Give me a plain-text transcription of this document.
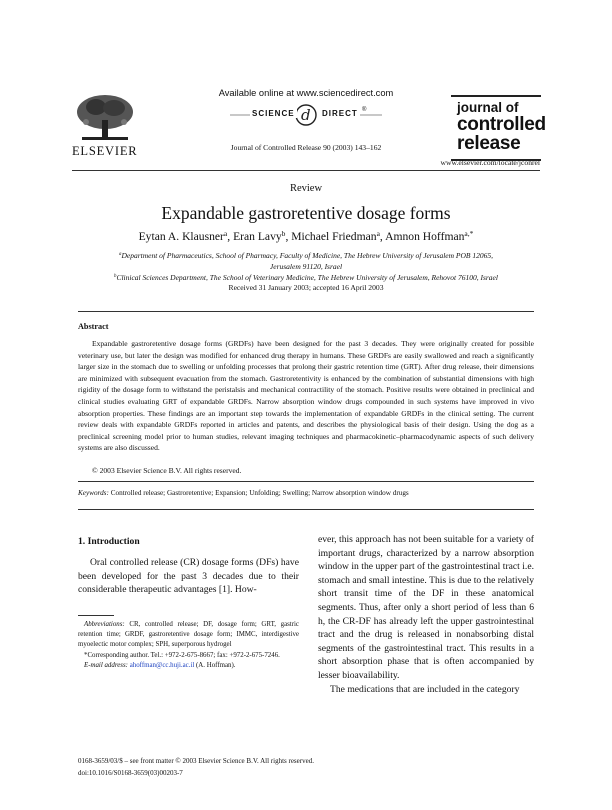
ELSEVIER
Available online at www.sciencedirect.com
d
SCIENCE	DIRECT ®
Journal of Controlled Release 90 (2003) 143–162
journal of
controlled
release
www.elsevier.com/locate/jconrel
Review
Expandable gastroretentive dosage forms
Eytan A. Klausner$^a$, Eran Lavy$^b$, Michael Friedman$^a$, Amnon Hoffman$^{a,*}$
$^a$Department of Pharmaceutics, School of Pharmacy, Faculty of Medicine, The Hebrew University of Jerusalem POB 12065,
Jerusalem 91120, Israel
$^b$Clinical Sciences Department, The School of Veterinary Medicine, The Hebrew University of Jerusalem, Rehovot 76100, Israel
Received 31 January 2003; accepted 16 April 2003
Abstract

Expandable gastroretentive dosage forms (GRDFs) have been designed for the past 3 decades. They were originally created for possible veterinary use, but later the design was modified for enhanced drug therapy in humans. These GRDFs are easily swallowed and reach a significantly larger size in the stomach due to swelling or unfolding processes that prolong their gastric retention time (GRT). After drug release, their dimensions are minimized with subsequent evacuation from the stomach. Gastroretentivity is enhanced by the combination of substantial dimensions with high rigidity of the dosage form to withstand the peristalsis and mechanical contractility of the stomach. Positive results were obtained in preclinical and clinical studies evaluating GRT of expandable GRDFs. Narrow absorption window drugs compounded in such systems have improved in vivo absorption properties. These findings are an important step towards the implementation of expandable GRDFs in the clinical setting. The current review deals with expandable GRDFs reported in articles and patents, and describes the physiological basis of their design. Using the dog as a preclinical screening model prior to human studies, relevant imaging techniques and pharmacokinetic–pharmacodynamic aspects of such delivery systems are also discussed.

© 2003 Elsevier Science B.V. All rights reserved.
Keywords: Controlled release; Gastroretentive; Expansion; Unfolding; Swelling; Narrow absorption window drugs
1. Introduction

Oral controlled release (CR) dosage forms (DFs) have been developed for the past 3 decades due to their considerable therapeutic advantages [1]. How-

Abbreviations: CR, controlled release; DF, dosage form; GRT, gastric retention time; GRDF, gastroretentive dosage form; IMMC, interdigestive myoelectic motor complex; SPH, superporous hydrogel

*Corresponding author. Tel.: +972-2-675-8667; fax: +972-2-675-7246.

E-mail address: ahoffman@cc.huji.ac.il (A. Hoffman).

ever, this approach has not been suitable for a variety of important drugs, characterized by a narrow absorption window in the upper part of the gastrointestinal tract i.e. stomach and small intestine. This is due to the relatively short transit time of the DF in these anatomical segments. Thus, after only a short period of less than 6 h, the CR-DF has already left the upper gastrointestinal tract and the drug is released in nonabsorbing distal segments of the gastrointestinal tract. This results in a short absorption phase that is often accompanied by lesser bioavailability.

The medications that are included in the category

0168-3659/03/$ – see front matter © 2003 Elsevier Science B.V. All rights reserved.
doi:10.1016/S0168-3659(03)00203-7
